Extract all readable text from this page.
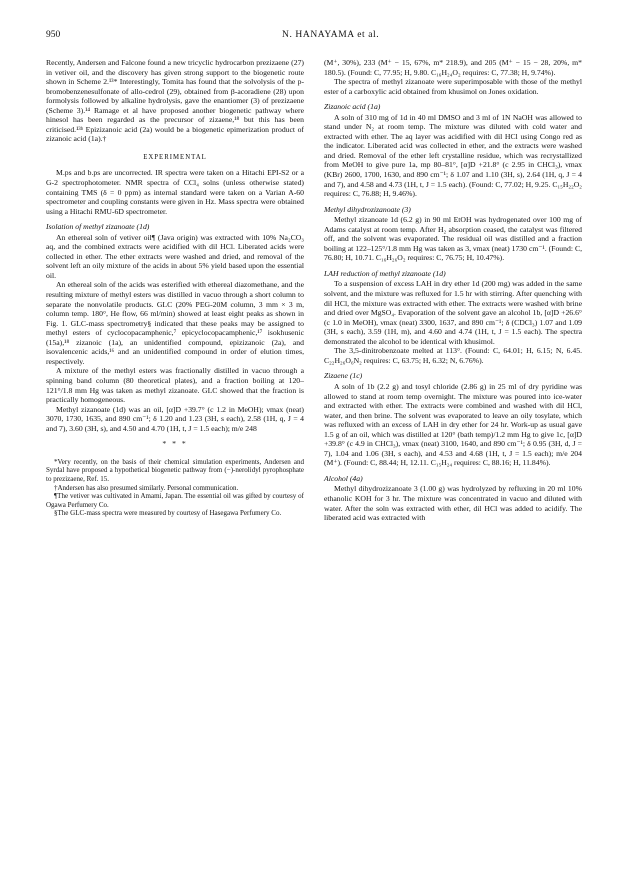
950	N. HANAYAMA et al.

Recently, Andersen and Falcone found a new tricyclic hydrocarbon prezizaene (27) in vetiver oil, and the discovery has given strong support to the biogenetic route shown in Scheme 2.¹³* Interestingly, Tomita has found that the solvolysis of the p-bromobenzenesulfonate of allo-cedrol (29), obtained from β-acoradiene (28) upon formolysis followed by alkaline hydrolysis, gave the enantiomer (3) of prezizaene (Scheme 3).¹⁴ Ramage et al have proposed another biogenetic pathway where hinesol has been regarded as the precursor of zizaene,¹⁸ but this has been criticised.¹³ᵇ Epizizanoic acid (2a) would be a biogenetic epimerization product of zizanoic acid (1a).†

EXPERIMENTAL

M.ps and b.ps are uncorrected. IR spectra were taken on a Hitachi EPI-S2 or a G-2 spectrophotometer. NMR spectra of CCl₄ solns (unless otherwise stated) containing TMS (δ = 0 ppm) as internal standard were taken on a Varian A-60 spectrometer and coupling constants were given in Hz. Mass spectra were obtained using a Hitachi RMU-6D spectrometer.

Isolation of methyl zizanoate (1d)

An ethereal soln of vetiver oil¶ (Java origin) was extracted with 10% Na₂CO₃ aq, and the combined extracts were acidified with dil HCl. Liberated acids were collected in ether. The ether extracts were washed and dried, and removal of the solvent left an oily mixture of the acids in about 5% yield based upon the essential oil.

An ethereal soln of the acids was esterified with ethereal diazomethane, and the resulting mixture of methyl esters was distilled in vacuo through a short column to separate the nonvolatile products. GLC (20% PEG-20M column, 3 mm × 3 m, column temp. 180°, He flow, 66 ml/min) showed at least eight peaks as shown in Fig. 1. GLC-mass spectrometry§ indicated that these peaks may be assigned to methyl esters of cyclocopacamphenic,⁷ epicyclocopacamphenic,¹⁷ isokhusenic (15a),¹⁸ zizanoic (1a), an unidentified compound, epizizanoic (2a), and isovalencenic acids,¹⁶ and an unidentified compound in order of elution times, respectively.

A mixture of the methyl esters was fractionally distilled in vacuo through a spinning band column (80 theoretical plates), and a fraction boiling at 120–121°/1.8 mm Hg was taken as methyl zizanoate. GLC showed that the fraction is practically homogeneous.

Methyl zizanoate (1d) was an oil, [α]D +39.7° (c 1.2 in MeOH); νmax (neat) 3070, 1730, 1635, and 890 cm⁻¹; δ 1.20 and 1.23 (3H, s each), 2.58 (1H, q, J = 4 and 7), 3.60 (3H, s), and 4.50 and 4.70 (1H, t, J = 1.5 each); m/e 248

* * *

*Very recently, on the basis of their chemical simulation experiments, Andersen and Syrdal have proposed a hypothetical biogenetic pathway from (−)-nerolidyl pyrophosphate to prezizaene, Ref. 15.

†Andersen has also presumed similarly. Personal communication.

¶The vetiver was cultivated in Amami, Japan. The essential oil was gifted by courtesy of Ogawa Perfumery Co.

§The GLC-mass spectra were measured by courtesy of Hasegawa Perfumery Co.

(M⁺, 30%), 233 (M⁺ − 15, 67%, m* 218.9), and 205 (M⁺ − 15 − 28, 20%, m* 180.5). (Found: C, 77.95; H, 9.80. C₁₆H₂₄O₂ requires: C, 77.38; H, 9.74%).

The spectra of methyl zizanoate were superimposable with those of the methyl ester of a carboxylic acid obtained from khusimol on Jones oxidation.

Zizanoic acid (1a)

A soln of 310 mg of 1d in 40 ml DMSO and 3 ml of 1N NaOH was allowed to stand under N₂ at room temp. The mixture was diluted with cold water and extracted with ether. The aq layer was acidified with dil HCl using Congo red as the indicator. Liberated acid was collected in ether, and the extracts were washed and dried. Removal of the ether left crystalline residue, which was recrystallized from MeOH to give pure 1a, mp 80–81°, [α]D +21.8° (c 2.95 in CHCl₃), νmax (KBr) 2600, 1700, 1630, and 890 cm⁻¹; δ 1.07 and 1.10 (3H, s), 2.64 (1H, q, J = 4 and 7), and 4.58 and 4.73 (1H, t, J = 1.5 each). (Found: C, 77.02; H, 9.25. C₁₅H₂₂O₂ requires: C, 76.88; H, 9.46%).

Methyl dihydrozizanoate (3)

Methyl zizanoate 1d (6.2 g) in 90 ml EtOH was hydrogenated over 100 mg of Adams catalyst at room temp. After H₂ absorption ceased, the catalyst was filtered off, and the solvent was evaporated. The residual oil was distilled and a fraction boiling at 122–125°/1.8 mm Hg was taken as 3, νmax (neat) 1730 cm⁻¹. (Found: C, 76.80; H, 10.71. C₁₆H₂₆O₂ requires: C, 76.75; H, 10.47%).

LAH reduction of methyl zizanoate (1d)

To a suspension of excess LAH in dry ether 1d (200 mg) was added in the same solvent, and the mixture was refluxed for 1.5 hr with stirring. After quenching with dil HCl, the mixture was extracted with ether. The extracts were washed with brine and dried over MgSO₄. Evaporation of the solvent gave an alcohol 1b, [α]D +26.6° (c 1.0 in MeOH), νmax (neat) 3300, 1637, and 890 cm⁻¹; δ (CDCl₃) 1.07 and 1.09 (3H, s each), 3.59 (1H, m), and 4.60 and 4.74 (1H, t, J = 1.5 each). The spectra demonstrated the alcohol to be identical with khusimol.

The 3,5-dinitrobenzoate melted at 113°. (Found: C, 64.01; H, 6.15; N, 6.45. C₂₂H₂₆O₆N₂ requires: C, 63.75; H, 6.32; N, 6.76%).

Zizaene (1c)

A soln of 1b (2.2 g) and tosyl chloride (2.86 g) in 25 ml of dry pyridine was allowed to stand at room temp overnight. The mixture was poured into ice-water and extracted with ether. The extracts were combined and washed with dil HCl, water, and then brine. The solvent was evaporated to leave an oily tosylate, which was refluxed with an excess of LAH in dry ether for 24 hr. Work-up as usual gave 1.5 g of an oil, which was distilled at 120° (bath temp)/1.2 mm Hg to give 1c, [α]D +39.8° (c 4.9 in CHCl₃), νmax (neat) 3100, 1640, and 890 cm⁻¹; δ 0.95 (3H, d, J = 7), 1.04 and 1.06 (3H, s each), and 4.53 and 4.68 (1H, t, J = 1.5 each); m/e 204 (M⁺). (Found: C, 88.44; H, 12.11. C₁₅H₂₄ requires: C, 88.16; H, 11.84%).

Alcohol (4a)

Methyl dihydrozizanoate 3 (1.00 g) was hydrolyzed by refluxing in 20 ml 10% ethanolic KOH for 3 hr. The mixture was concentrated in vacuo and diluted with water. After the soln was extracted with ether, dil HCl was added to acidify. The liberated acid was extracted with
